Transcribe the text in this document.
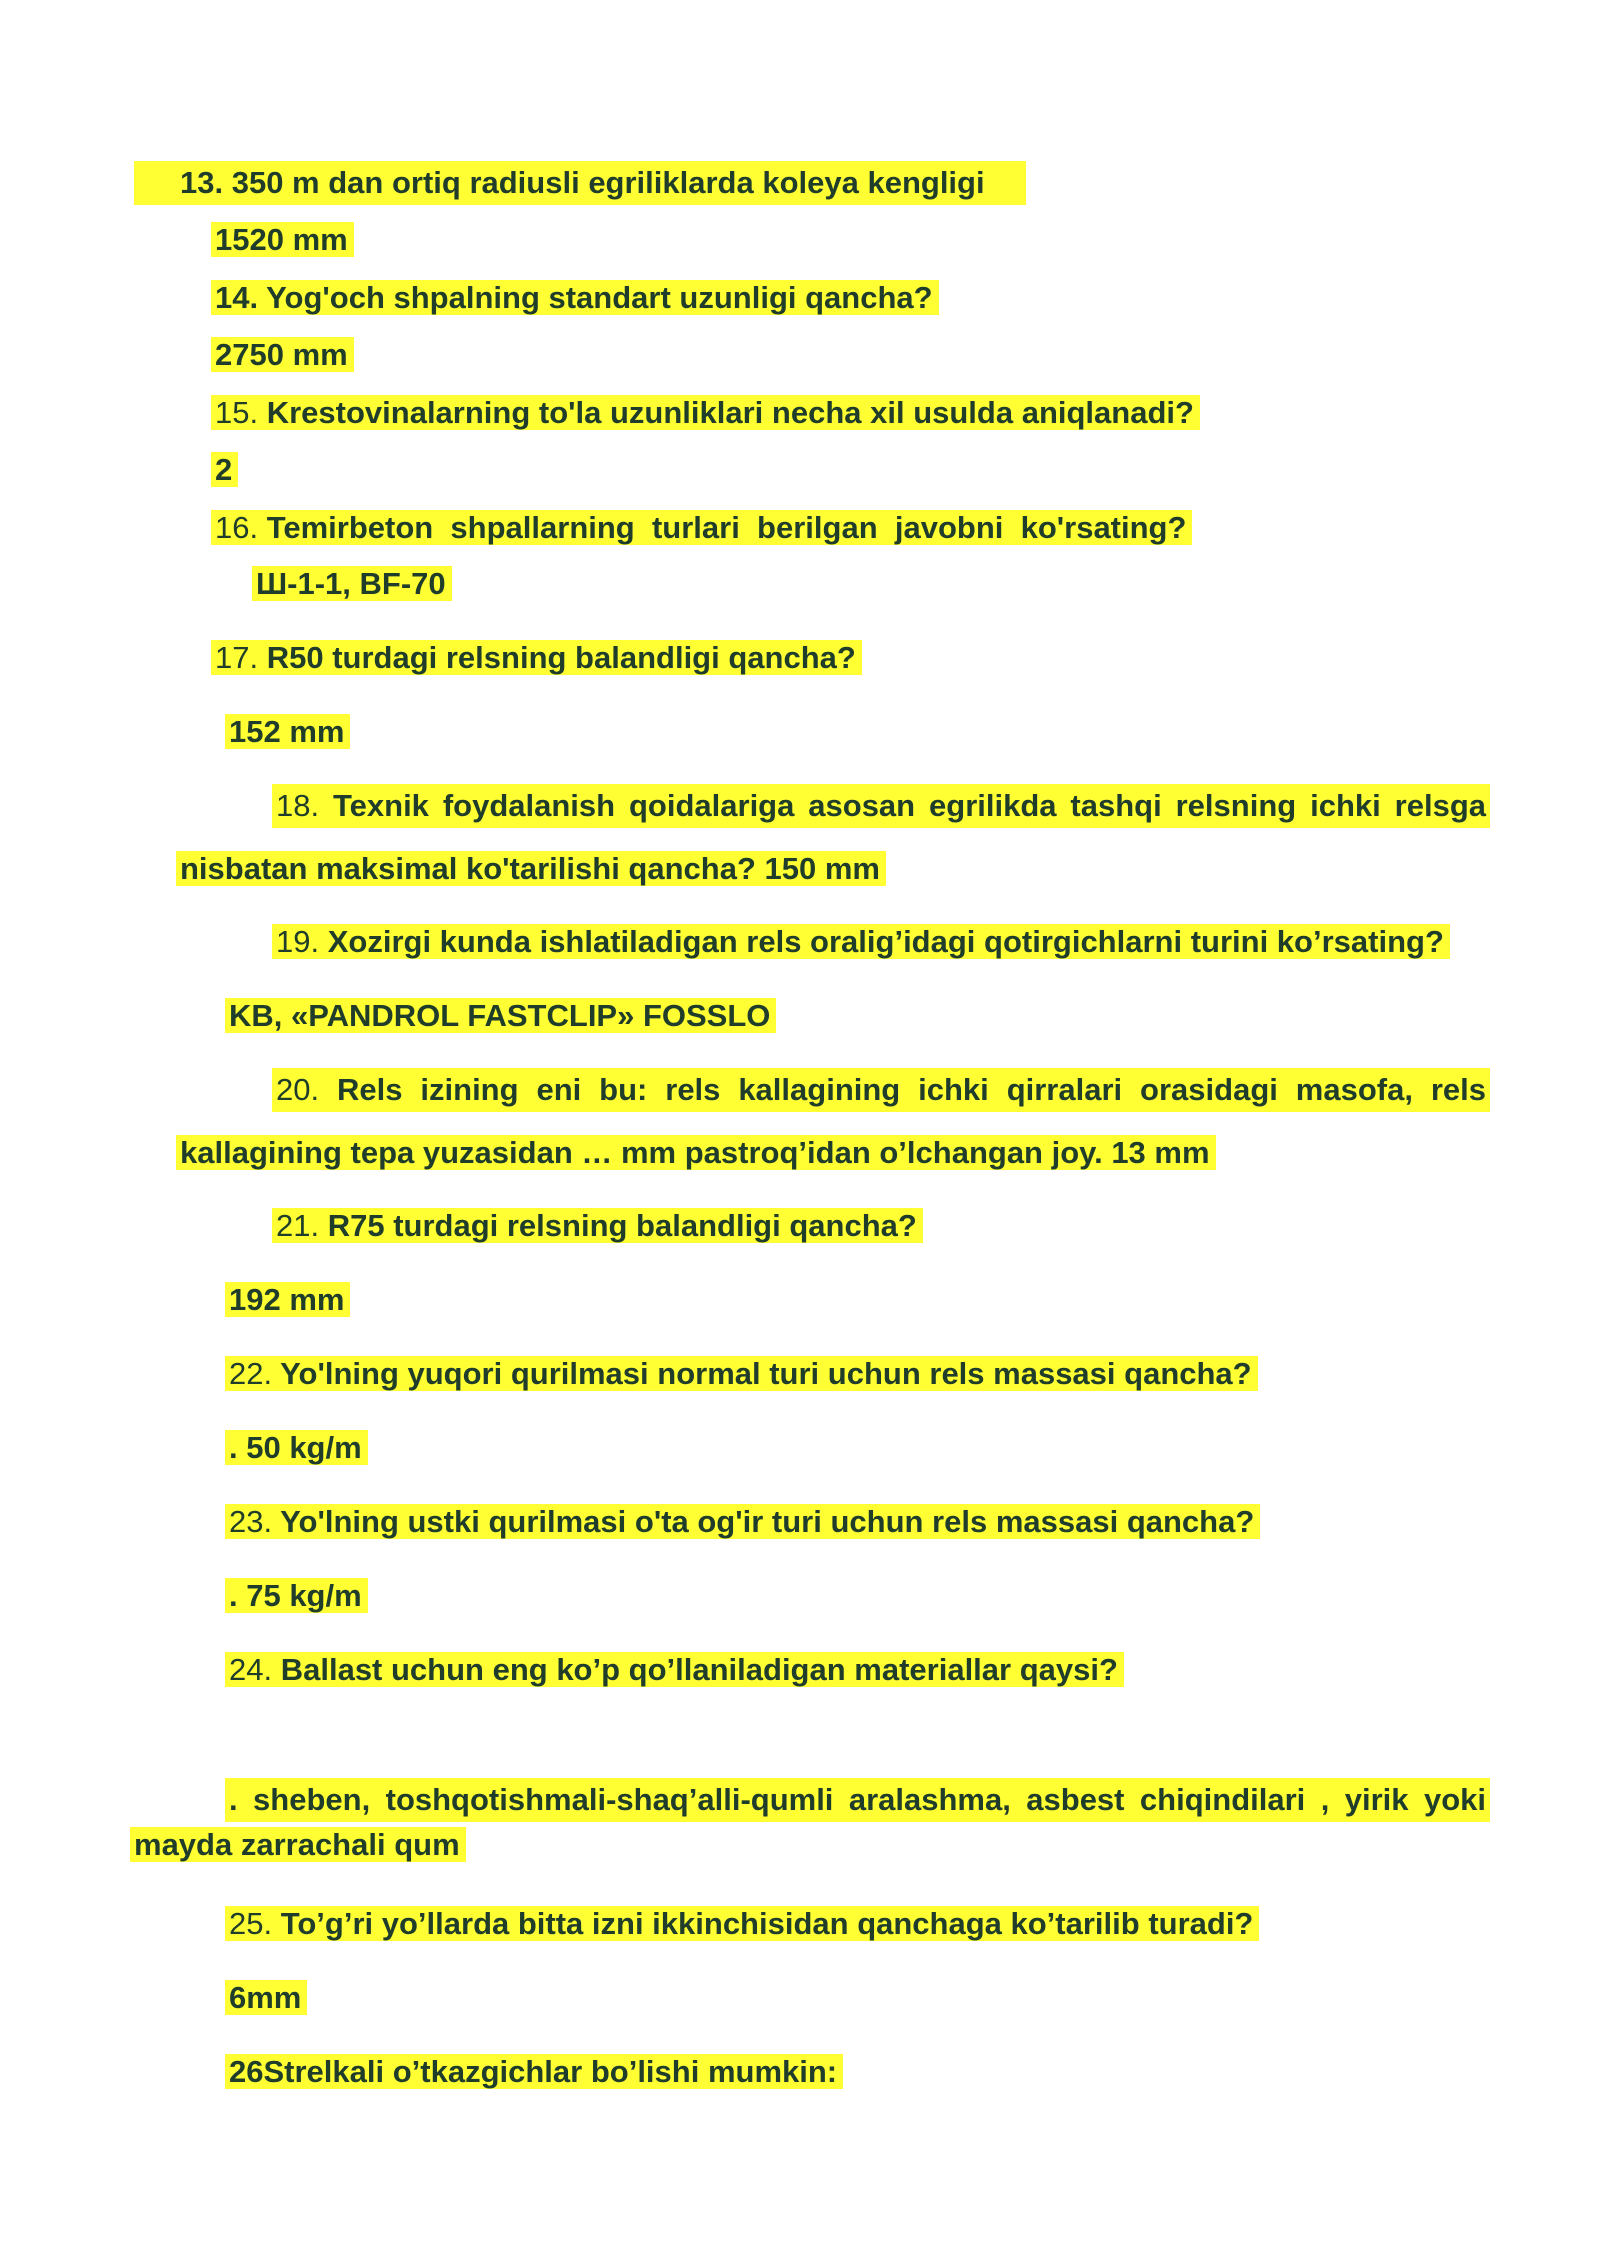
13. 350 m dan ortiq radiusli egriliklarda koleya kengligi
1520 mm
14. Yog'och shpalning standart uzunligi qancha?
2750 mm
15. Krestovinalarning to'la uzunliklari necha xil usulda aniqlanadi?
2
16. Temirbeton  shpallarning  turlari  berilgan  javobni  ko'rsating?
Ш-1-1, BF-70
17. R50 turdagi relsning balandligi qancha?
152 mm
18. Texnik foydalanish qoidalariga asosan egrilikda tashqi relsning ichki relsga
nisbatan maksimal ko'tarilishi qancha? 150 mm
19. Xozirgi kunda ishlatiladigan rels oralig’idagi qotirgichlarni turini ko’rsating?
KB, «PANDROL FASTCLIP» FOSSLO
20. Rels izining eni bu: rels kallagining ichki qirralari orasidagi masofa, rels
kallagining tepa yuzasidan … mm pastroq’idan o’lchangan joy. 13 mm
21. R75 turdagi relsning balandligi qancha?
192 mm
22. Yo'lning yuqori qurilmasi normal turi uchun rels massasi qancha?
. 50 kg/m
23. Yo'lning ustki qurilmasi o'ta og'ir turi uchun rels massasi qancha?
. 75 kg/m
24. Ballast uchun eng ko’p qo’llaniladigan materiallar qaysi?
. sheben, toshqotishmali-shaq’alli-qumli aralashma, asbest chiqindilari , yirik yoki
mayda zarrachali qum
25. To’g’ri yo’llarda bitta izni ikkinchisidan qanchaga ko’tarilib turadi?
6mm
26Strelkali o’tkazgichlar bo’lishi mumkin:
